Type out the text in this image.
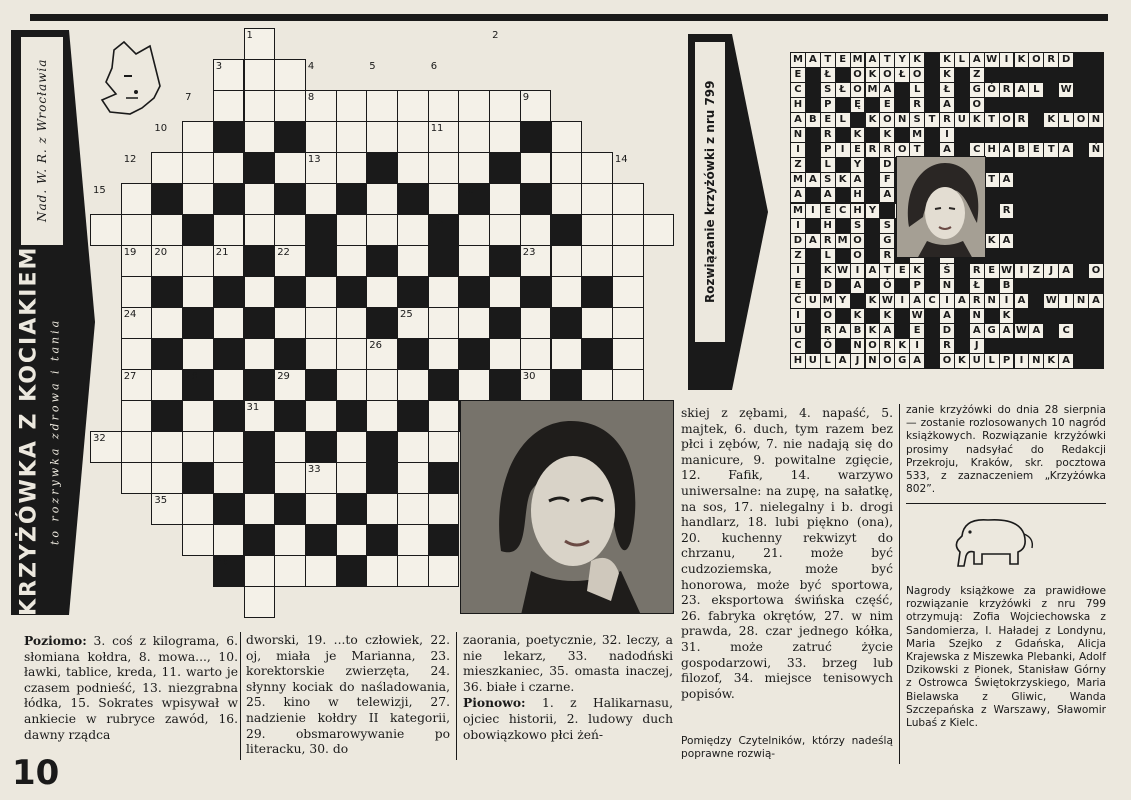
Nad. W. R. z Wrocławia
KRZYŻÓWKA Z KOCIAKIEM to rozrywka zdrowa i tania
1	2
3	4	5	6
7	8	9
10	11
12	13	14
15	16
17	18
19 20	21	22	23
24	25
26
27	28	29	30
31
32
33	34
35
36
Rozwiązanie krzyżówki z nru 799
M A T E M A T Y K	K L A W I K O R D
E	Ł	O K O Ł O	K	Z
C	S Ł O M A	L	Ł	G Ó R A L	W
H	P	Ę	E	R	A	O
A B E L	K O N S T R U K T O R	K L O N
N	R	K	K	M	I
I	P I E R R O T	A	C H A B E T A	Ń
Z	L	Y	D
M A S K A	F	T A
A	A	H	A
M I E C H Y	R
I	H	S	S
D A R M O	G	K A
Z	L	O	R
I	K W I A T E K	Ś	R E W I Z J A	O
E	D	A	Ó	P	N	Ł	B
Ć U M Y	K W I A C I A R N I A	W I N A
I	O	K	K	W	A	N	K
U	R A B K A	E	D	A G A W A	C
C	Ó	N O R K I	R	J
H U L A J N O G A	O K U L P I N K A
Poziomo: 3. coś z kilograma, 6. słomiana kołdra, 8. mowa..., 10. ławki, tablice, kreda, 11. warto je czasem podnieść, 13. niezgrabna łódka, 15. Sokrates wpisywał w ankiecie w rubryce zawód, 16. dawny rządca
dworski, 19. ...to człowiek, 22. oj, miała je Marianna, 23. korektorskie zwierzęta, 24. słynny kociak do naśladowania, 25. kino w telewizji, 27. nadzienie kołdry II kategorii, 29. obsmarowywanie po literacku, 30. do
zaorania, poetycznie, 32. leczy, a nie lekarz, 33. nadodński mieszkaniec, 35. omasta inaczej, 36. białe i czarne.
Pionowo: 1. z Halikarnasu, ojciec historii, 2. ludowy duch obowiązkowo płci żeń-
skiej z zębami, 4. napaść, 5. majtek, 6. duch, tym razem bez płci i zębów, 7. nie nadają się do manicure, 9. powitalne zgięcie, 12. Fafik, 14. warzywo uniwersalne: na zupę, na sałatkę, na sos, 17. nielegalny i b. drogi handlarz, 18. lubi piękno (ona), 20. kuchenny rekwizyt do chrzanu, 21. może być cudzoziemska, może być honorowa, może być sportowa, 23. eksportowa świńska część, 26. fabryka okrętów, 27. w nim prawda, 28. czar jednego kółka, 31. może zatruć życie gospodarzowi, 33. brzeg lub filozof, 34. miejsce tenisowych popisów.
Pomiędzy Czytelników, którzy nadeślą poprawne rozwią-
zanie krzyżówki do dnia 28 sierpnia — zostanie rozlosowanych 10 nagród książkowych. Rozwiązanie krzyżówki prosimy nadsyłać do Redakcji Przekroju, Kraków, skr. pocztowa 533, z zaznaczeniem „Krzyżówka 802”.
Nagrody książkowe za prawidłowe rozwiązanie krzyżówki z nru 799 otrzymują: Zofia Wojciechowska z Sandomierza, I. Haładej z Londynu, Maria Szejko z Gdańska, Alicja Krajewska z Miszewka Plebanki, Adolf Dzikowski z Pionek, Stanisław Górny z Ostrowca Świętokrzyskiego, Maria Bielawska z Gliwic, Wanda Szczepańska z Warszawy, Sławomir Lubaś z Kielc.
10
